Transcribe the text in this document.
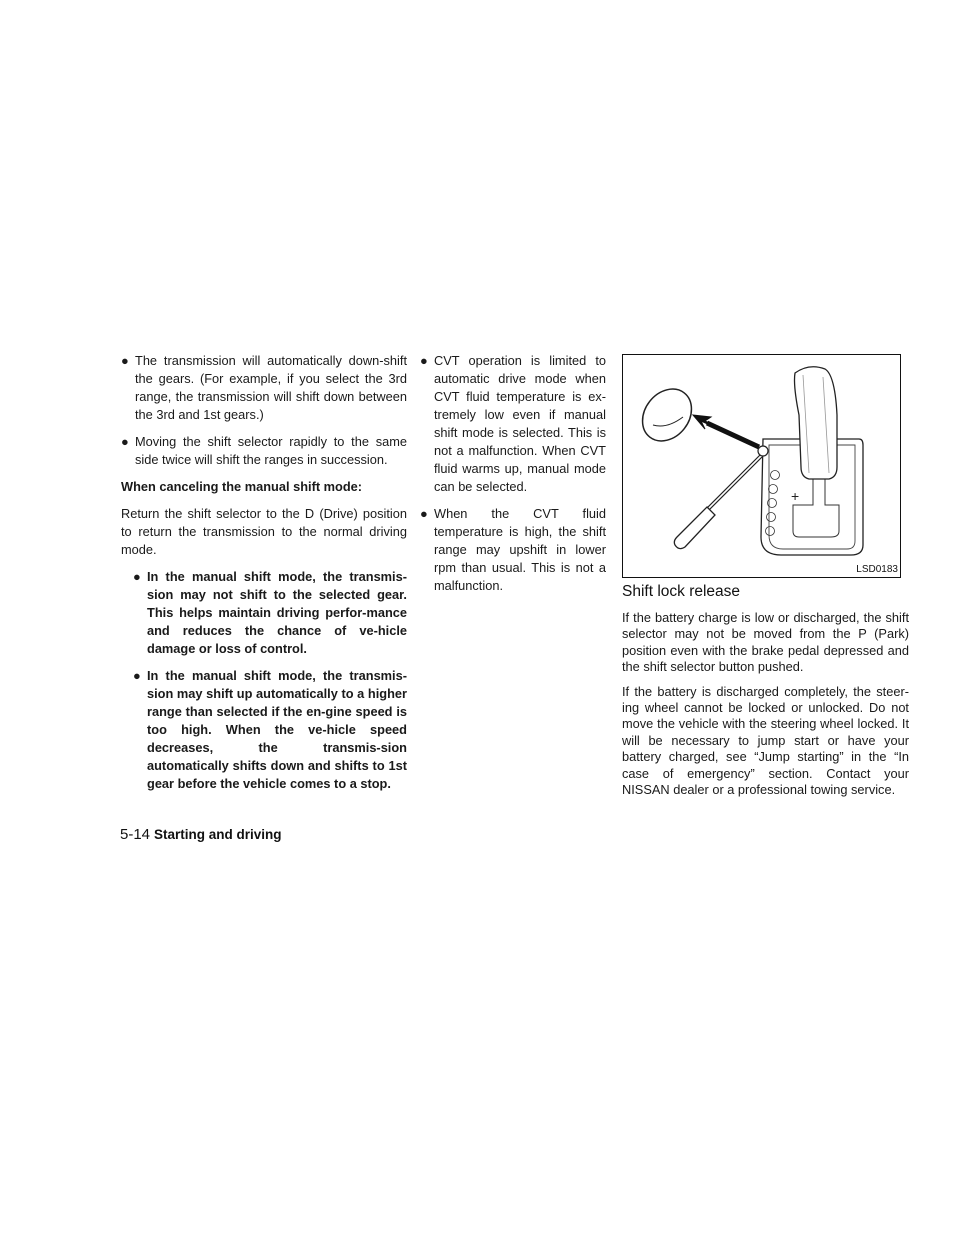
● The transmission will automatically down-shift the gears. (For example, if you select the 3rd range, the transmission will shift down between the 3rd and 1st gears.)
● Moving the shift selector rapidly to the same side twice will shift the ranges in succession.
When canceling the manual shift mode:

Return the shift selector to the D (Drive) position to return the transmission to the normal driving mode.

● In the manual shift mode, the transmis-sion may not shift to the selected gear. This helps maintain driving perfor-mance and reduces the chance of ve-hicle damage or loss of control.
● In the manual shift mode, the transmis-sion may shift up automatically to a higher range than selected if the en-gine speed is too high. When the ve-hicle speed decreases, the transmis-sion automatically shifts down and shifts to 1st gear before the vehicle comes to a stop.
● CVT operation is limited to automatic drive mode when CVT fluid temperature is ex-tremely low even if manual shift mode is selected. This is not a malfunction. When CVT fluid warms up, manual mode can be selected.
● When the CVT fluid temperature is high, the shift range may upshift in lower rpm than usual. This is not a malfunction.
+
LSD0183
Shift lock release

If the battery charge is low or discharged, the shift selector may not be moved from the P (Park) position even with the brake pedal depressed and the shift selector button pushed.

If the battery is discharged completely, the steer-ing wheel cannot be locked or unlocked. Do not move the vehicle with the steering wheel locked. It will be necessary to jump start or have your battery charged, see “Jump starting” in the “In case of emergency” section. Contact your NISSAN dealer or a professional towing service.

5-14 Starting and driving
